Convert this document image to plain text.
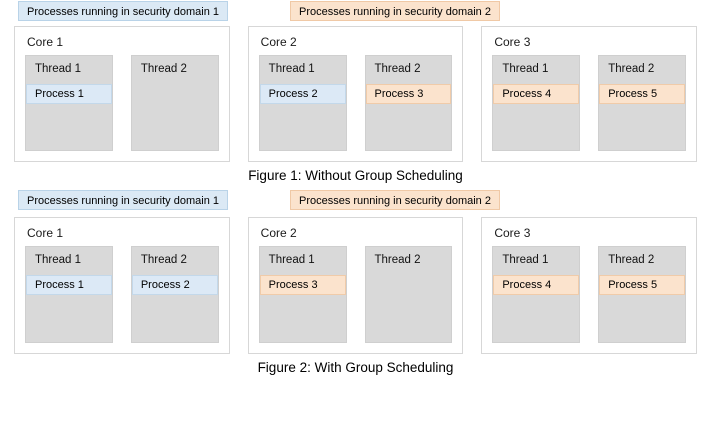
Processes running in security domain 1	Processes running in security domain 2
Core 1
Thread 1
Process 1
Thread 2
Core 2
Thread 1
Process 2
Thread 2
Process 3
Core 3
Thread 1
Process 4
Thread 2
Process 5
Figure 1: Without Group Scheduling
Processes running in security domain 1	Processes running in security domain 2
Core 1
Thread 1
Process 1
Thread 2
Process 2
Core 2
Thread 1
Process 3
Thread 2
Core 3
Thread 1
Process 4
Thread 2
Process 5
Figure 2: With Group Scheduling
